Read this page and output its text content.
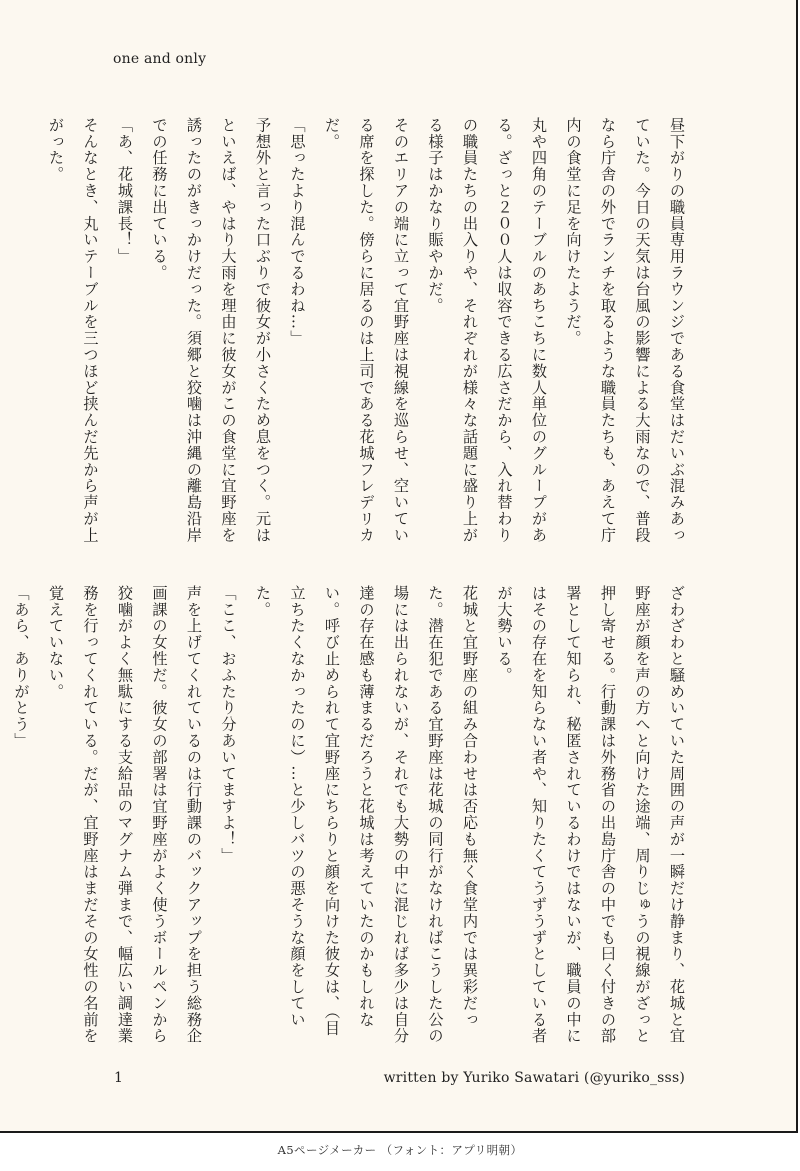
one and only

昼下がりの職員専用ラウンジである食堂はだいぶ混みあっていた。今日の天気は台風の影響による大雨なので、普段なら庁舎の外でランチを取るような職員たちも、あえて庁内の食堂に足を向けたようだ。

丸や四角のテーブルのあちこちに数人単位のグループがある。ざっと２００人は収容できる広さだから、入れ替わりの職員たちの出入りや、それぞれが様々な話題に盛り上がる様子はかなり賑やかだ。

そのエリアの端に立って宜野座は視線を巡らせ、空いている席を探した。傍らに居るのは上司である花城フレデリカだ。

「思ったより混んでるわね…」

予想外と言った口ぶりで彼女が小さくため息をつく。元はといえば、やはり大雨を理由に彼女がこの食堂に宜野座を誘ったのがきっかけだった。須郷と狡噛は沖縄の離島沿岸での任務に出ている。

「あ、花城課長！」

そんなとき、丸いテーブルを三つほど挟んだ先から声が上がった。

ざわざわと騒めいていた周囲の声が一瞬だけ静まり、花城と宜野座が顔を声の方へと向けた途端、周りじゅうの視線がざっと押し寄せる。行動課は外務省の出島庁舎の中でも曰く付きの部署として知られ、秘匿されているわけではないが、職員の中にはその存在を知らない者や、知りたくてうずうずとしている者が大勢いる。

花城と宜野座の組み合わせは否応も無く食堂内では異彩だった。潜在犯である宜野座は花城の同行がなければこうした公の場には出られないが、それでも大勢の中に混じれば多少は自分達の存在感も薄まるだろうと花城は考えていたのかもしれない。呼び止められて宜野座にちらりと顔を向けた彼女は、（目立ちたくなかったのに）…と少しバツの悪そうな顔をしていた。

「ここ、おふたり分あいてますよ！」

声を上げてくれているのは行動課のバックアップを担う総務企画課の女性だ。彼女の部署は宜野座がよく使うボールペンから狡噛がよく無駄にする支給品のマグナム弾まで、幅広い調達業務を行ってくれている。だが、宜野座はまだその女性の名前を覚えていない。

「あら、ありがとう」

1	written by Yuriko Sawatari (@yuriko_sss)
A5ページメーカー （フォント：アプリ明朝）
